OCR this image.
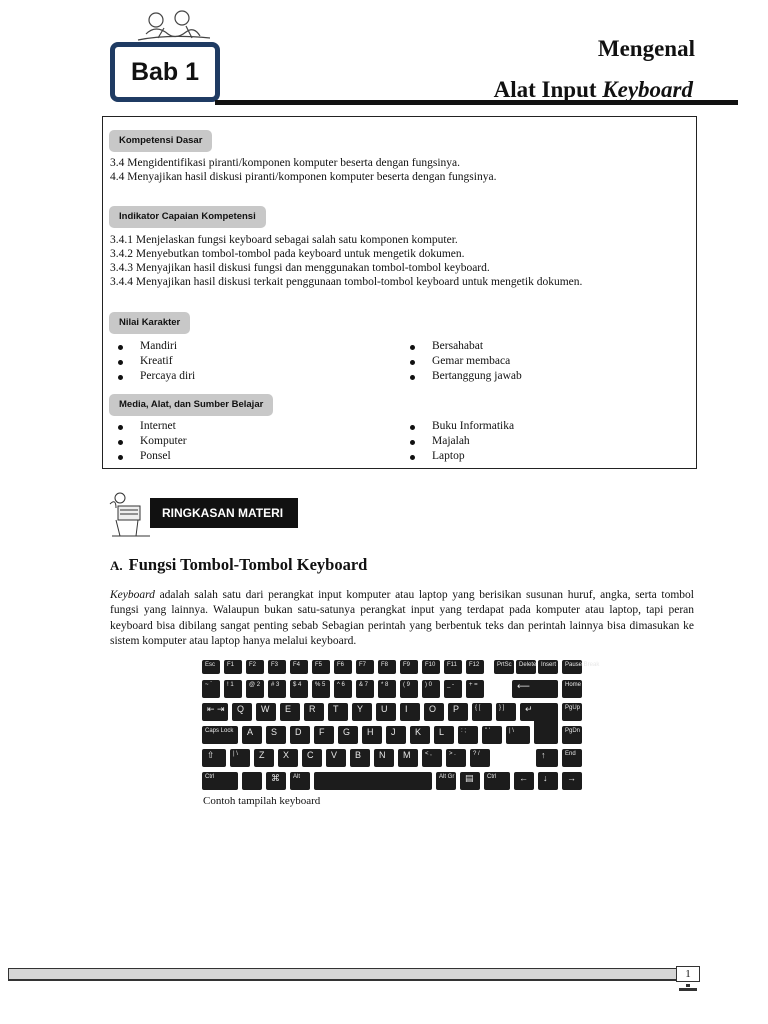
Bab 1
Mengenal
Alat Input Keyboard
Kompetensi Dasar
3.4 Mengidentifikasi piranti/komponen komputer beserta dengan fungsinya.
4.4 Menyajikan hasil diskusi piranti/komponen komputer beserta dengan fungsinya.
Indikator Capaian Kompetensi
3.4.1 Menjelaskan fungsi keyboard sebagai salah satu komponen komputer.
3.4.2 Menyebutkan tombol-tombol pada keyboard untuk mengetik dokumen.
3.4.3 Menyajikan hasil diskusi fungsi dan menggunakan tombol-tombol keyboard.
3.4.4 Menyajikan hasil diskusi terkait penggunaan tombol-tombol keyboard untuk mengetik dokumen.
Nilai Karakter
Mandiri
Kreatif
Percaya diri
Bersahabat
Gemar membaca
Bertanggung jawab
Media, Alat, dan Sumber Belajar
Internet
Komputer
Ponsel
Buku Informatika
Majalah
Laptop
RINGKASAN MATERI
A. Fungsi Tombol-Tombol Keyboard
Keyboard adalah salah satu dari perangkat input komputer atau laptop yang berisikan susunan huruf, angka, serta tombol fungsi yang lainnya. Walaupun bukan satu-satunya perangkat input yang terdapat pada komputer atau laptop, tapi peran keyboard bisa dibilang sangat penting sebab Sebagian perintah yang berbentuk teks dan perintah lainnya bisa dimasukan ke sistem komputer atau laptop hanya melalui keyboard.
Esc F1 F2 F3 F4 F5 F6 F7 F8 F9 F10 F11 F12	PrtSc Delete Insert Pause Break
~ ` ! 1	@ 2 # 3 $ 4 % 5 ^ 6 & 7 * 8 ( 9 ) 0 _ - + =	⟵	Home
⇤ ⇥ Q W E R T Y U I O P	{ [	} ] ↵	PgUp
Caps Lock A S D F G H J K L	: ;	" '	| \	PgDn
⇧	| \ Z X C V B N M < ,	> .	? /	↑	End
Ctrl	⌘ Alt	Alt Gr ▤ Ctrl	← ↓ →
Contoh tampilah keyboard
1
